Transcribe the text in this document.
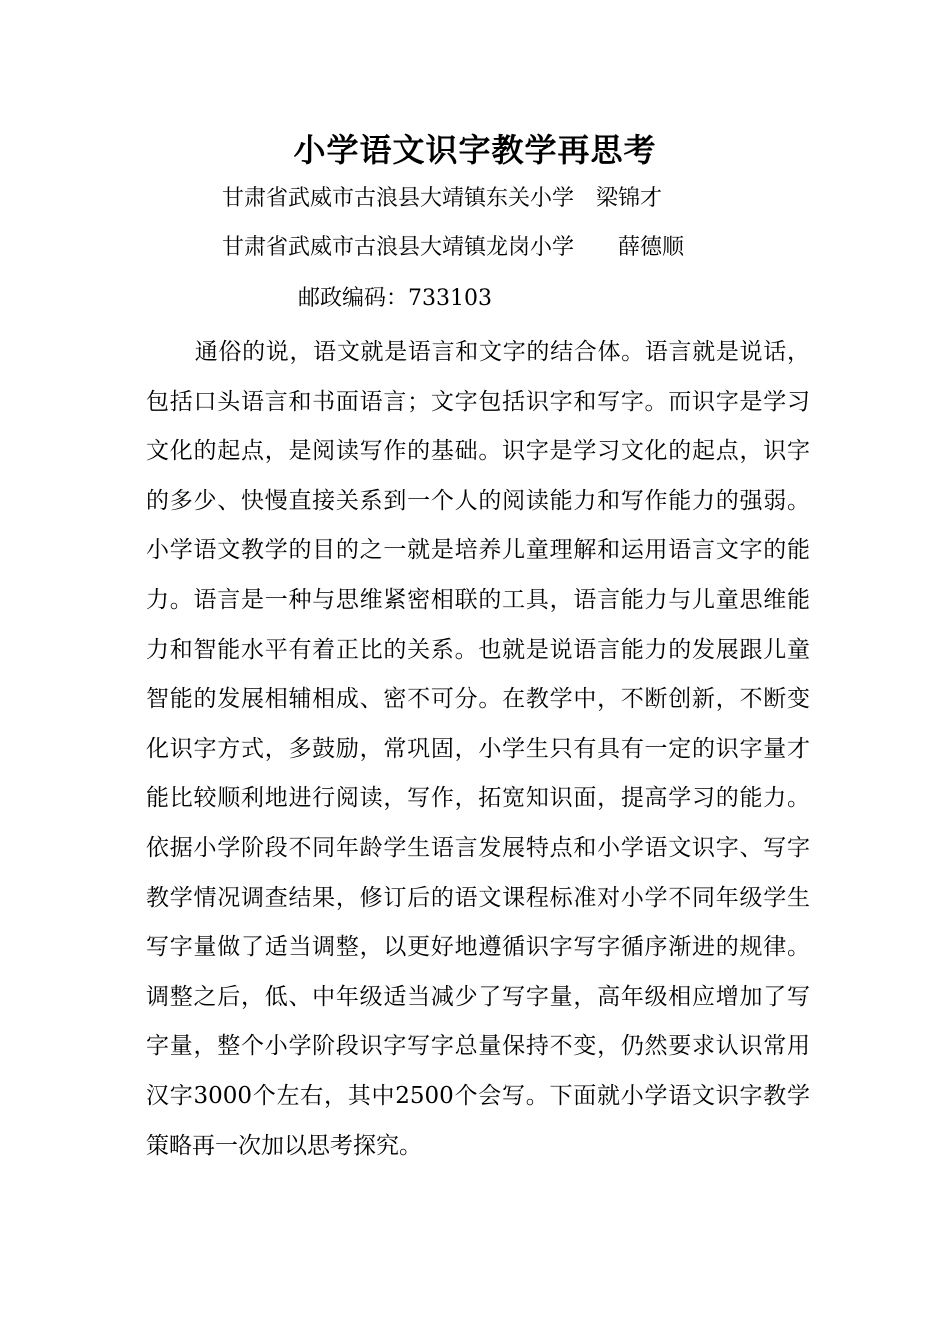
小学语文识字教学再思考
甘肃省武威市古浪县大靖镇东关小学　梁锦才
甘肃省武威市古浪县大靖镇龙岗小学　　薛德顺
邮政编码：733103

通俗的说，语文就是语言和文字的结合体。语言就是说话，包括口头语言和书面语言；文字包括识字和写字。而识字是学习文化的起点，是阅读写作的基础。识字是学习文化的起点，识字的多少、快慢直接关系到一个人的阅读能力和写作能力的强弱。小学语文教学的目的之一就是培养儿童理解和运用语言文字的能力。语言是一种与思维紧密相联的工具，语言能力与儿童思维能力和智能水平有着正比的关系。也就是说语言能力的发展跟儿童智能的发展相辅相成、密不可分。在教学中，不断创新，不断变化识字方式，多鼓励，常巩固，小学生只有具有一定的识字量才能比较顺利地进行阅读，写作，拓宽知识面，提高学习的能力。依据小学阶段不同年龄学生语言发展特点和小学语文识字、写字教学情况调查结果，修订后的语文课程标准对小学不同年级学生写字量做了适当调整，以更好地遵循识字写字循序渐进的规律。调整之后，低、中年级适当减少了写字量，高年级相应增加了写字量，整个小学阶段识字写字总量保持不变，仍然要求认识常用汉字3000个左右，其中2500个会写。下面就小学语文识字教学策略再一次加以思考探究。
